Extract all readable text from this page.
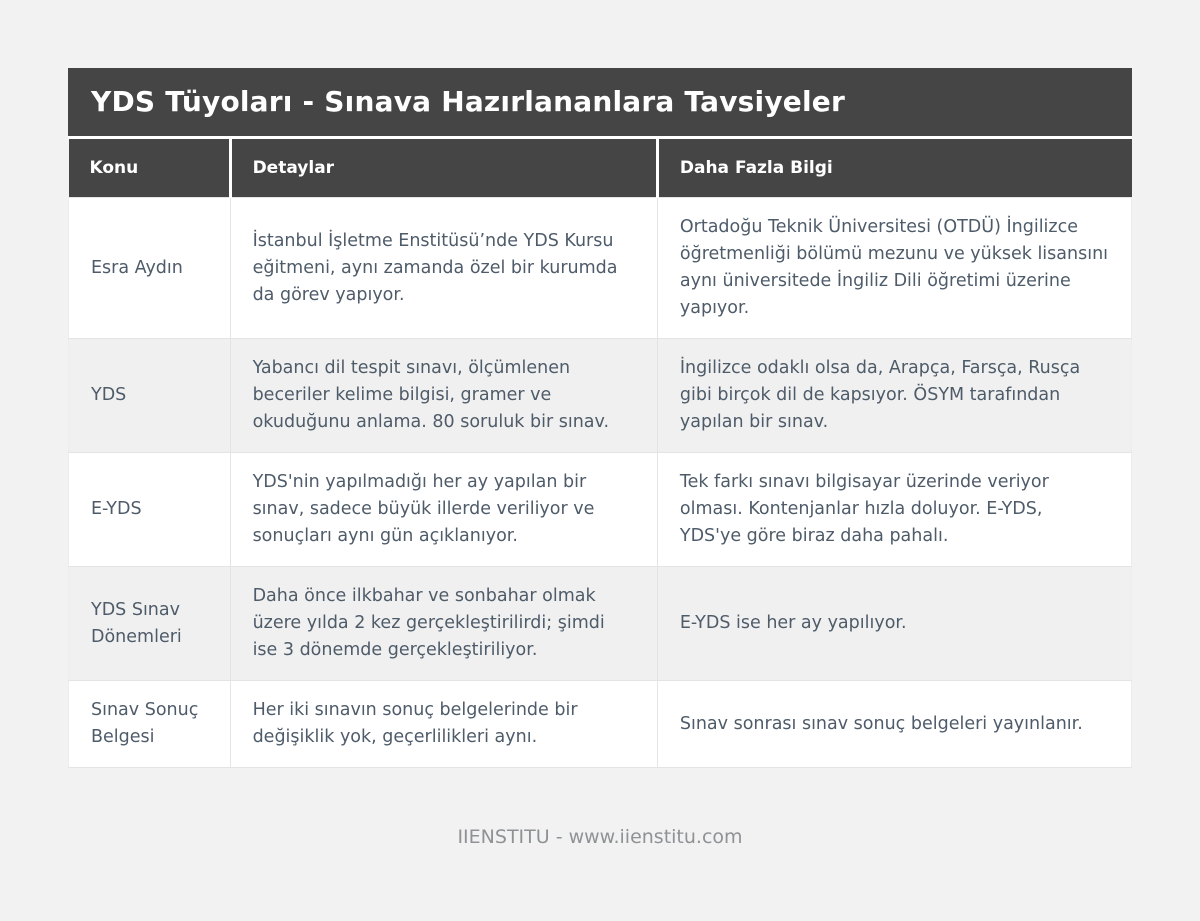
YDS Tüyoları - Sınava Hazırlananlara Tavsiyeler
Konu	Detaylar	Daha Fazla Bilgi
Esra Aydın	İstanbul İşletme Enstitüsü’nde YDS Kursu eğitmeni, aynı zamanda özel bir kurumda da görev yapıyor.	Ortadoğu Teknik Üniversitesi (OTDÜ) İngilizce öğretmenliği bölümü mezunu ve yüksek lisansını aynı üniversitede İngiliz Dili öğretimi üzerine yapıyor.
YDS	Yabancı dil tespit sınavı, ölçümlenen beceriler kelime bilgisi, gramer ve okuduğunu anlama. 80 soruluk bir sınav.	İngilizce odaklı olsa da, Arapça, Farsça, Rusça gibi birçok dil de kapsıyor. ÖSYM tarafından yapılan bir sınav.
E-YDS	YDS'nin yapılmadığı her ay yapılan bir sınav, sadece büyük illerde veriliyor ve sonuçları aynı gün açıklanıyor.	Tek farkı sınavı bilgisayar üzerinde veriyor olması. Kontenjanlar hızla doluyor. E-YDS, YDS'ye göre biraz daha pahalı.
YDS Sınav Dönemleri	Daha önce ilkbahar ve sonbahar olmak üzere yılda 2 kez gerçekleştirilirdi; şimdi ise 3 dönemde gerçekleştiriliyor.	E-YDS ise her ay yapılıyor.
Sınav Sonuç Belgesi	Her iki sınavın sonuç belgelerinde bir değişiklik yok, geçerlilikleri aynı.	Sınav sonrası sınav sonuç belgeleri yayınlanır.
IIENSTITU - www.iienstitu.com
